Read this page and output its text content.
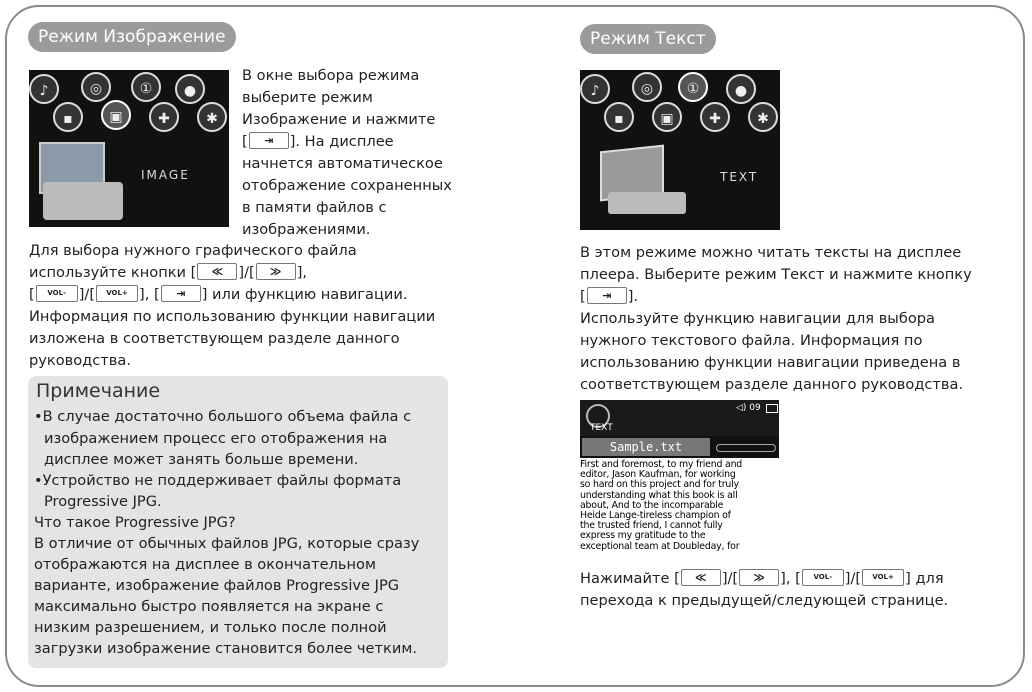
Режим Изображение
♪	◎	①	●
▪	▣	✚	✱
IMAGE
В окне выбора режима
выберите режим
Изображение и нажмите
[ ⇥ ]. На дисплее
начнется автоматическое
отображение сохраненных
в памяти файлов с
изображениями.
Для выбора нужного графического файла
используйте кнопки [ ≪ ]/[ ≫ ],
[ VOL- ]/[ VOL+ ], [ ⇥ ] или функцию навигации.
Информация по использованию функции навигации
изложена в соответствующем разделе данного
руководства.
Примечание
•В случае достаточно большого объема файла с
изображением процесс его отображения на
дисплее может занять больше времени.
•Устройство не поддерживает файлы формата
Progressive JPG.
Что такое Progressive JPG?
В отличие от обычных файлов JPG, которые сразу
отображаются на дисплее в окончательном
варианте, изображение файлов Progressive JPG
максимально быстро появляется на экране с
низким разрешением, и только после полной
загрузки изображение становится более четким.
Режим Текст
♪	◎	①	●
▪	▣	✚	✱
TEXT
В этом режиме можно читать тексты на дисплее
плеера. Выберите режим Текст и нажмите кнопку
[ ⇥ ].
Используйте функцию навигации для выбора
нужного текстового файла. Информация по
использованию функции навигации приведена в
соответствующем разделе данного руководства.
TEXT
◁) 09
Sample.txt
First and foremost, to my friend and
editor, Jason Kaufman, for working
so hard on this project and for truly
understanding what this book is all
about, And to the incomparable
Heide Lange-tireless champion of
the trusted friend, I cannot fully
express my gratitude to the
exceptional team at Doubleday, for
Нажимайте [ ≪ ]/[ ≫ ], [ VOL- ]/[ VOL+ ] для
перехода к предыдущей/следующей странице.
